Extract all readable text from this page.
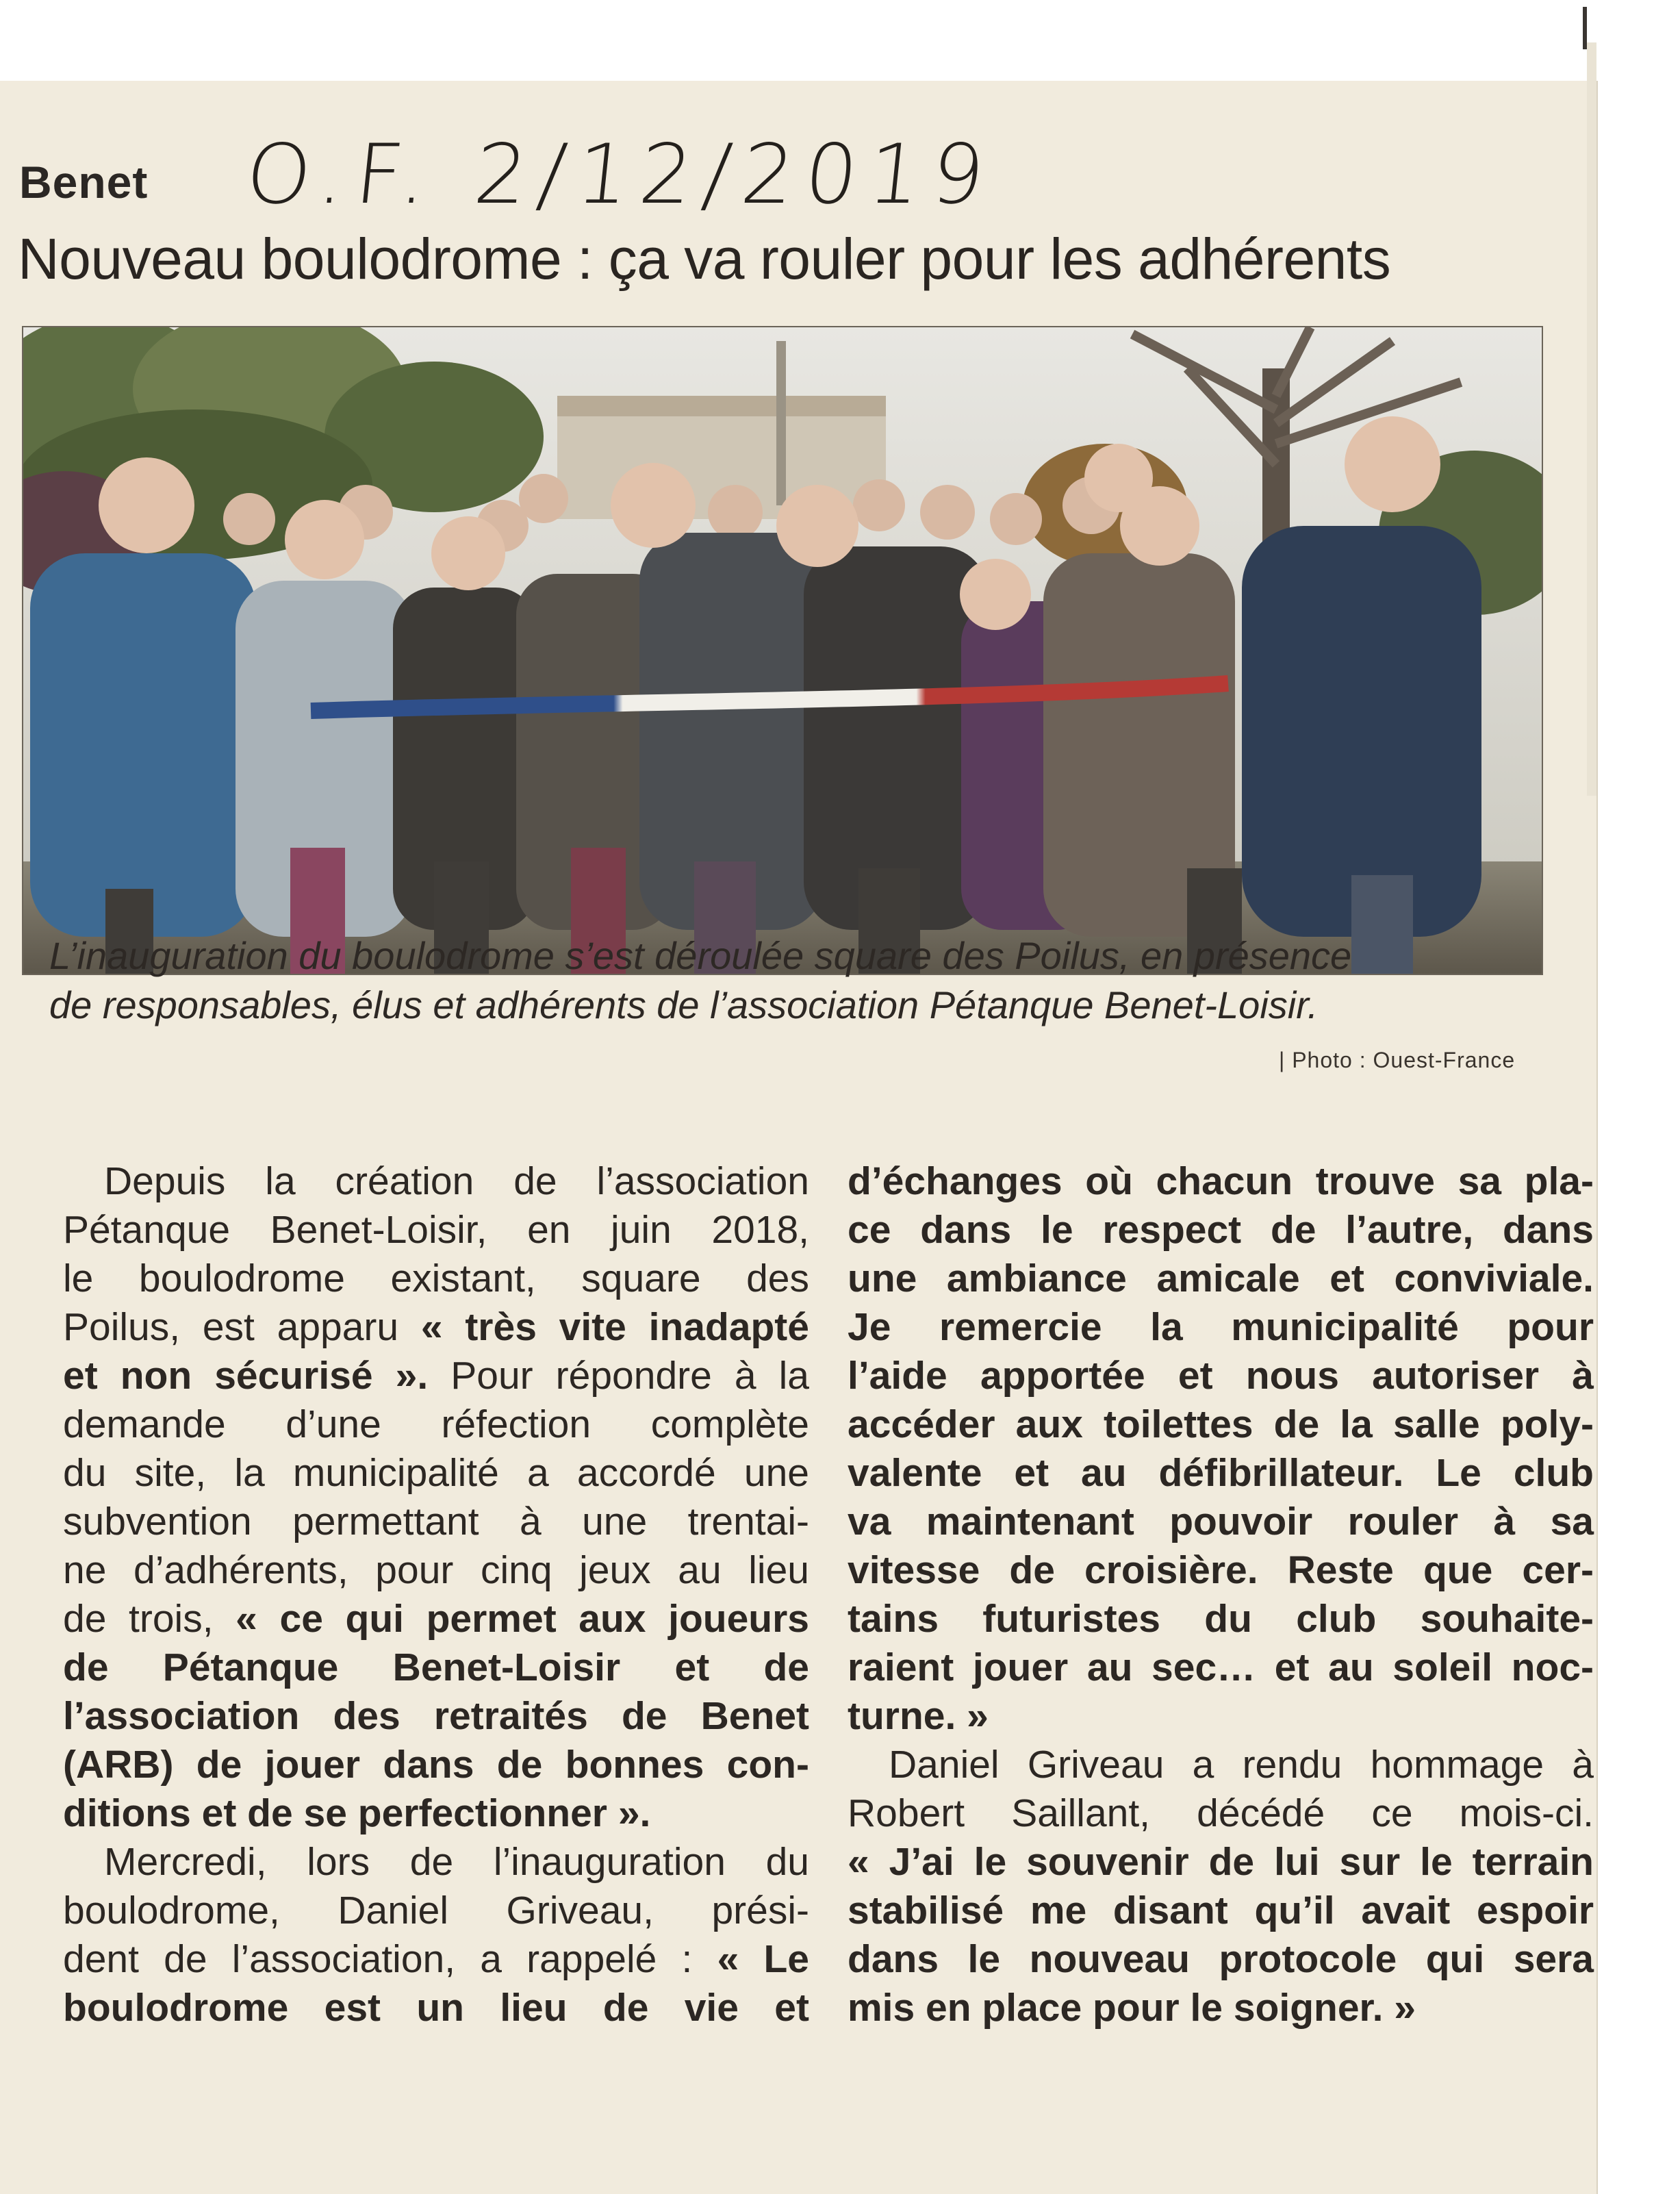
Benet O.F. 2/12/2019
Nouveau boulodrome : ça va rouler pour les adhérents
L’inauguration du boulodrome s’est déroulée square des Poilus, en présence
de responsables, élus et adhérents de l’association Pétanque Benet-Loisir.
| Photo : Ouest-France
Depuis la création de l’association
Pétanque Benet-Loisir, en juin 2018,
le boulodrome existant, square des
Poilus, est apparu « très vite inadapté
et non sécurisé ». Pour répondre à la
demande d’une réfection complète
du site, la municipalité a accordé une
subvention permettant à une trentai-
ne d’adhérents, pour cinq jeux au lieu
de trois, « ce qui permet aux joueurs
de Pétanque Benet-Loisir et de
l’association des retraités de Benet
(ARB) de jouer dans de bonnes con-
ditions et de se perfectionner ».
Mercredi, lors de l’inauguration du
boulodrome, Daniel Griveau, prési-
dent de l’association, a rappelé : « Le
boulodrome est un lieu de vie et
d’échanges où chacun trouve sa pla-
ce dans le respect de l’autre, dans
une ambiance amicale et conviviale.
Je remercie la municipalité pour
l’aide apportée et nous autoriser à
accéder aux toilettes de la salle poly-
valente et au défibrillateur. Le club
va maintenant pouvoir rouler à sa
vitesse de croisière. Reste que cer-
tains futuristes du club souhaite-
raient jouer au sec… et au soleil noc-
turne. »
Daniel Griveau a rendu hommage à
Robert Saillant, décédé ce mois-ci.
« J’ai le souvenir de lui sur le terrain
stabilisé me disant qu’il avait espoir
dans le nouveau protocole qui sera
mis en place pour le soigner. »
